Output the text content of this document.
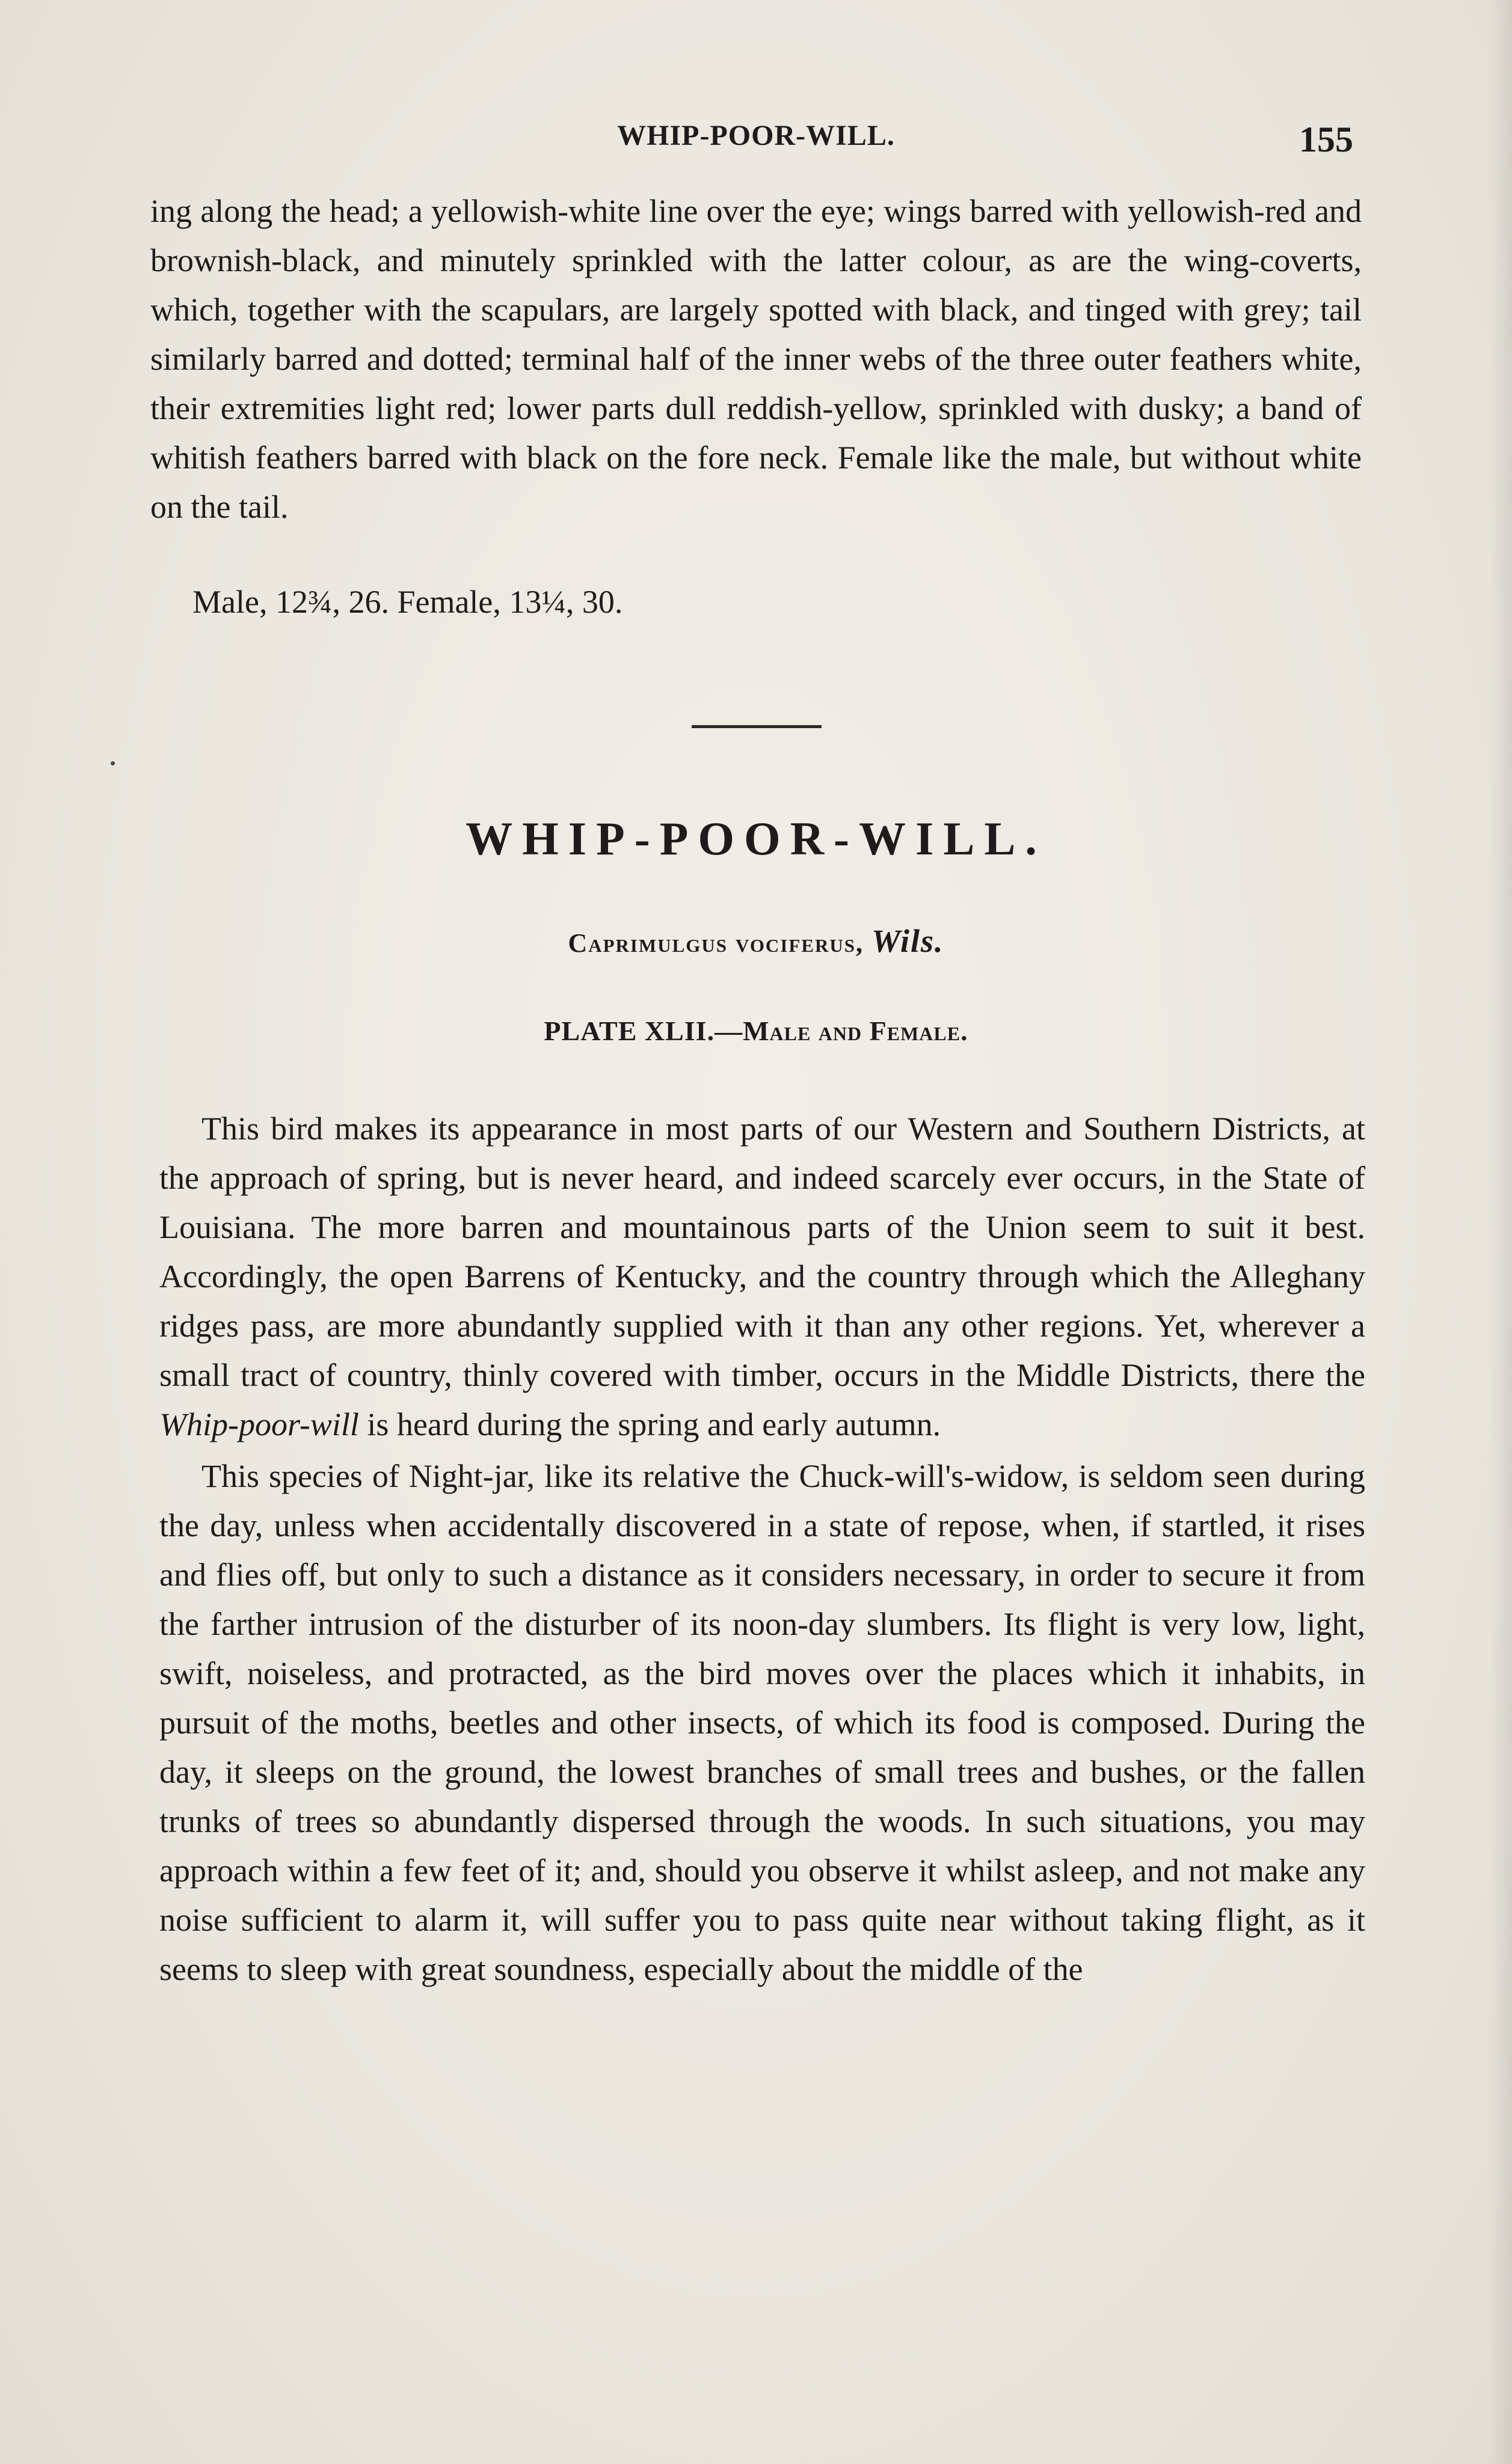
WHIP-POOR-WILL.	155

ing along the head; a yellowish-white line over the eye; wings barred with yellowish-red and brownish-black, and minutely sprinkled with the latter colour, as are the wing-coverts, which, together with the scapulars, are largely spotted with black, and tinged with grey; tail similarly barred and dotted; terminal half of the inner webs of the three outer feathers white, their extremities light red; lower parts dull reddish-yellow, sprinkled with dusky; a band of whitish feathers barred with black on the fore neck. Female like the male, but without white on the tail.

Male, 12¾, 26. Female, 13¼, 30.
WHIP-POOR-WILL.
Caprimulgus vociferus, Wils.
PLATE XLII.—Male and Female.

This bird makes its appearance in most parts of our Western and Southern Districts, at the approach of spring, but is never heard, and indeed scarcely ever occurs, in the State of Louisiana. The more barren and mountainous parts of the Union seem to suit it best. Accordingly, the open Barrens of Kentucky, and the country through which the Alleghany ridges pass, are more abundantly supplied with it than any other regions. Yet, wherever a small tract of country, thinly covered with timber, occurs in the Middle Districts, there the Whip-poor-will is heard during the spring and early autumn.

This species of Night-jar, like its relative the Chuck-will's-widow, is seldom seen during the day, unless when accidentally discovered in a state of repose, when, if startled, it rises and flies off, but only to such a distance as it considers necessary, in order to secure it from the farther intrusion of the disturber of its noon-day slumbers. Its flight is very low, light, swift, noiseless, and protracted, as the bird moves over the places which it inhabits, in pursuit of the moths, beetles and other insects, of which its food is composed. During the day, it sleeps on the ground, the lowest branches of small trees and bushes, or the fallen trunks of trees so abundantly dispersed through the woods. In such situations, you may approach within a few feet of it; and, should you observe it whilst asleep, and not make any noise sufficient to alarm it, will suffer you to pass quite near without taking flight, as it seems to sleep with great soundness, especially about the middle of the
